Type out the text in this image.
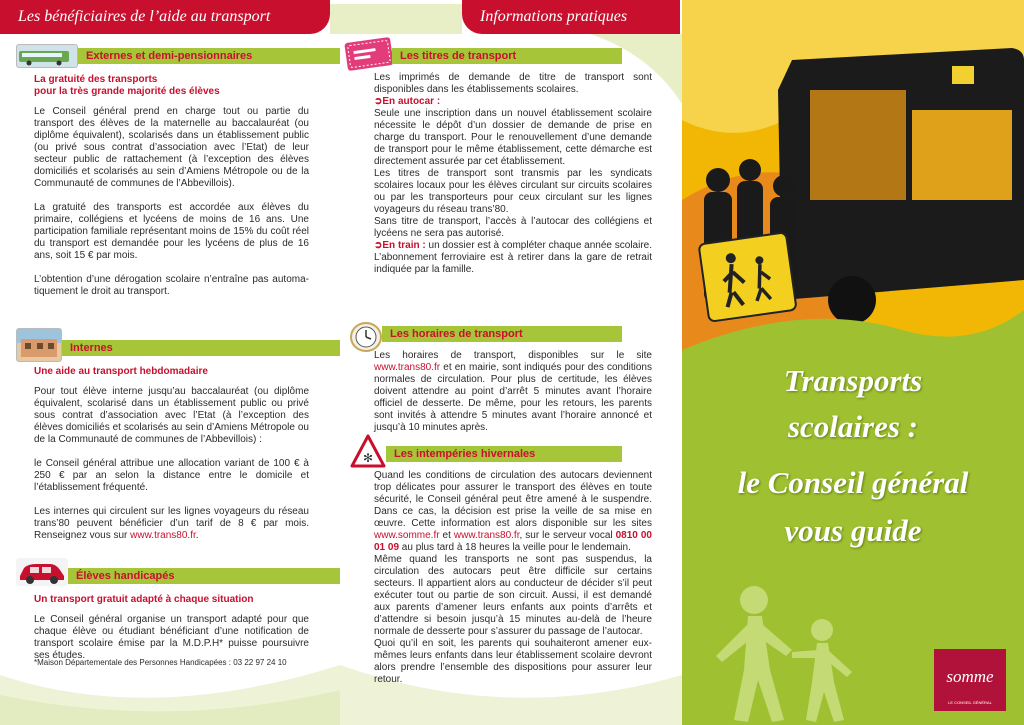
Les bénéficiaires de l’aide au transport	Informations pratiques
Externes et demi-pensionnaires
La gratuité des transports
pour la très grande majorité des élèves

Le Conseil général prend en charge tout ou partie du transport des élèves de la maternelle au baccalauréat (ou diplôme équivalent), scolarisés dans un établissement public (ou privé sous contrat d’association avec l’Etat) de leur secteur public de rattachement (à l’exception des élèves domiciliés et scolarisés au sein d’Amiens Métropole ou de la Communauté de communes de l’Abbevillois).

La gratuité des transports est accordée aux élèves du primaire, collégiens et lycéens de moins de 16 ans. Une participation familiale représentant moins de 15% du coût réel du transport est demandée pour les lycéens de plus de 16 ans, soit 15 € par mois.

L’obtention d’une dérogation scolaire n’entraîne pas automa-tiquement le droit au transport.

Internes
Une aide au transport hebdomadaire

Pour tout élève interne jusqu’au baccalauréat (ou diplôme équivalent, scolarisé dans un établissement public ou privé sous contrat d’association avec l’Etat (à l’exception des élèves domiciliés et scolarisés au sein d’Amiens Métropole ou de la Communauté de communes de l’Abbevillois) :

le Conseil général attribue une allocation variant de 100 € à 250 € par an selon la distance entre le domicile et l’établissement fréquenté.

Les internes qui circulent sur les lignes voyageurs du réseau trans’80 peuvent bénéficier d’un tarif de 8 € par mois. Renseignez vous sur www.trans80.fr.

Élèves handicapés
Un transport gratuit adapté à chaque situation

Le Conseil général organise un transport adapté pour que chaque élève ou étudiant bénéficiant d’une notification de transport scolaire émise par la M.D.P.H* puisse poursuivre ses études.

*Maison Départementale des Personnes Handicapées : 03 22 97 24 10
Les titres de transport

Les imprimés de demande de titre de transport sont disponibles dans les établissements scolaires.

➲En autocar :

Seule une inscription dans un nouvel établissement scolaire nécessite le dépôt d’un dossier de demande de prise en charge du transport. Pour le renouvellement d’une demande de transport pour le même établissement, cette démarche est directement assurée par cet établissement.

Les titres de transport sont transmis par les syndicats scolaires locaux pour les élèves circulant sur circuits scolaires ou par les transporteurs pour ceux circulant sur les lignes voyageurs du réseau trans’80.

Sans titre de transport, l’accès à l’autocar des collégiens et lycéens ne sera pas autorisé.

➲En train : un dossier est à compléter chaque année scolaire. L’abonnement ferroviaire est à retirer dans la gare de retrait indiquée par la famille.

Les horaires de transport

Les horaires de transport, disponibles sur le site www.trans80.fr et en mairie, sont indiqués pour des conditions normales de circulation. Pour plus de certitude, les élèves doivent attendre au point d’arrêt 5 minutes avant l’horaire officiel de desserte. De même, pour les retours, les parents sont invités à attendre 5 minutes avant l’horaire annoncé et jusqu’à 10 minutes après.

✻	Les intempéries hivernales

Quand les conditions de circulation des autocars deviennent trop délicates pour assurer le transport des élèves en toute sécurité, le Conseil général peut être amené à le suspendre. Dans ce cas, la décision est prise la veille de sa mise en œuvre. Cette information est alors disponible sur les sites www.somme.fr et www.trans80.fr, sur le serveur vocal 0810 00 01 09 au plus tard à 18 heures la veille pour le lendemain.

Même quand les transports ne sont pas suspendus, la circulation des autocars peut être difficile sur certains secteurs. Il appartient alors au conducteur de décider s’il peut exécuter tout ou partie de son circuit. Aussi, il est demandé aux parents d’amener leurs enfants aux points d’arrêts et d’attendre si besoin jusqu’à 15 minutes au-delà de l’heure normale de desserte pour s’assurer du passage de l’autocar.

Quoi qu’il en soit, les parents qui souhaiteront amener eux-mêmes leurs enfants dans leur établissement scolaire devront alors prendre l’ensemble des dispositions pour assurer leur retour.

Transports
scolaires :
le Conseil général
vous guide
somme
LE CONSEIL GÉNÉRAL
